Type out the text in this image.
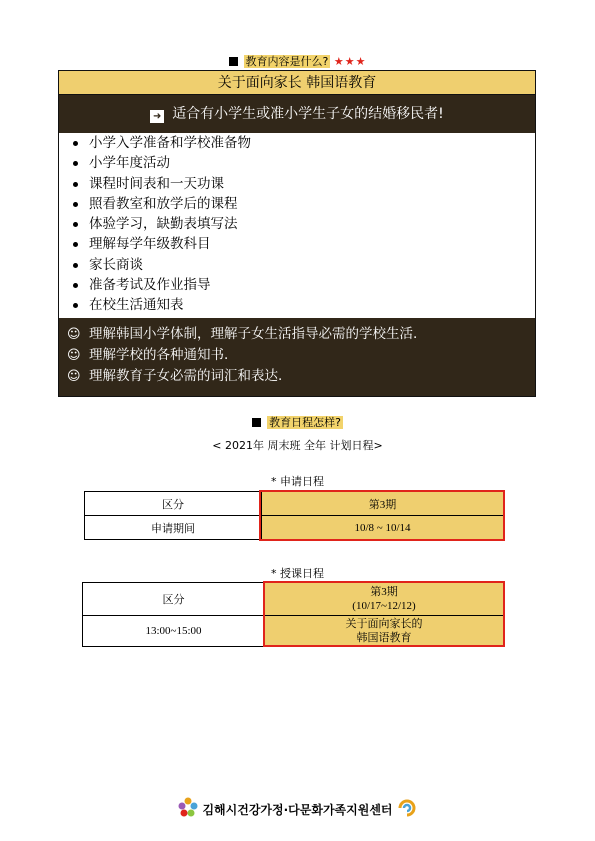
教育内容是什么? ★★★
关于面向家长 韩国语教育
➜ 适合有小学生或准小学生子女的结婚移民者!
小学入学准备和学校准备物
小学年度活动
课程时间表和一天功课
照看教室和放学后的课程
体验学习，缺勤表填写法
理解每学年级教科目
家长商谈
准备考试及作业指导
在校生活通知表
☺ 理解韩国小学体制，理解子女生活指导必需的学校生活.
☺ 理解学校的各种通知书.
☺ 理解教育子女必需的词汇和表达.
教育日程怎样?
< 2021年 周末班 全年 计划日程>
* 申请日程
区分	第3期
申请期间	10/8 ~ 10/14
* 授课日程
区分	第3期
(10/17~12/12)

13:00~15:00	关于面向家长的
韩国语教育
김해시건강가정·다문화가족지원센터
